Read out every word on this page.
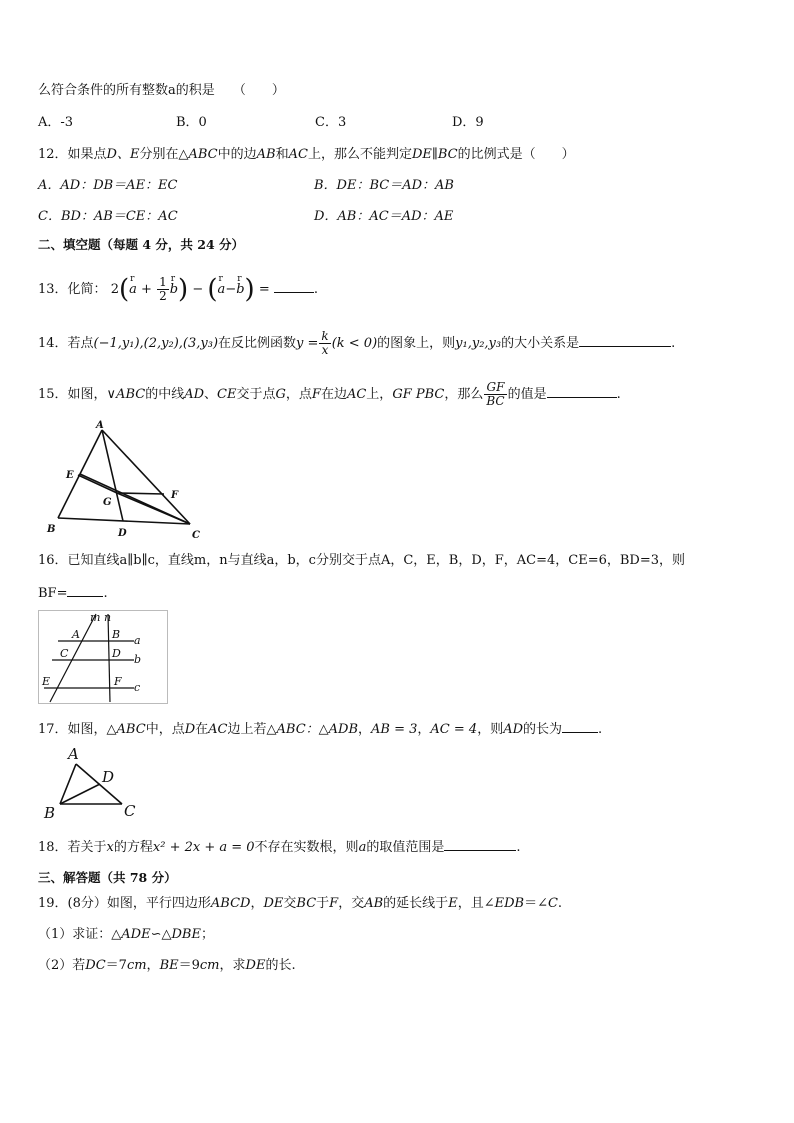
么符合条件的所有整数a的积是 （　　）
A．-3	B．0	C．3	D．9
12．如果点D、E分别在△ABC中的边AB和AC上，那么不能判定DE∥BC的比例式是（　　）
A．AD：DB＝AE：EC	B．DE：BC＝AD：AB
C．BD：AB＝CE：AC	D．AB：AC＝AD：AE
二、填空题（每题 4 分，共 24 分）
13．化简： 2(r $a + \frac{1}{2}$
r b) − (r a−r b) =	.
14．若点(−1,y₁),(2,y₂),(3,y₃)在反比例函数$y = \frac{k}{x} (k < 0)$的图象上，则y₁,y₂,y₃的大小关系是	.
15．如图，∨ABC的中线AD、CE交于点G，点F在边AC上，GF PBC，那么 $\frac{GF}{BC}$ 的值是	.
A
E
G
F
B	D	C
16．已知直线a∥b∥c，直线m，n与直线a，b，c分别交于点A，C，E，B，D，F，AC=4，CE=6，BD=3，则
BF=	.
m n
A	B a
C	D b
E	F c
17．如图，△ABC中，点D在AC边上若△ABC：△ADB，AB = 3，AC = 4，则AD的长为	.
A
D
B	C
18．若关于x的方程x² + 2x + a = 0不存在实数根，则a的取值范围是	.
三、解答题（共 78 分）
19．(8分）如图，平行四边形ABCD，DE交BC于F，交AB的延长线于E，且∠EDB＝∠C.
（1）求证：△ADE∽△DBE；
（2）若DC＝7cm，BE＝9cm，求DE的长.
